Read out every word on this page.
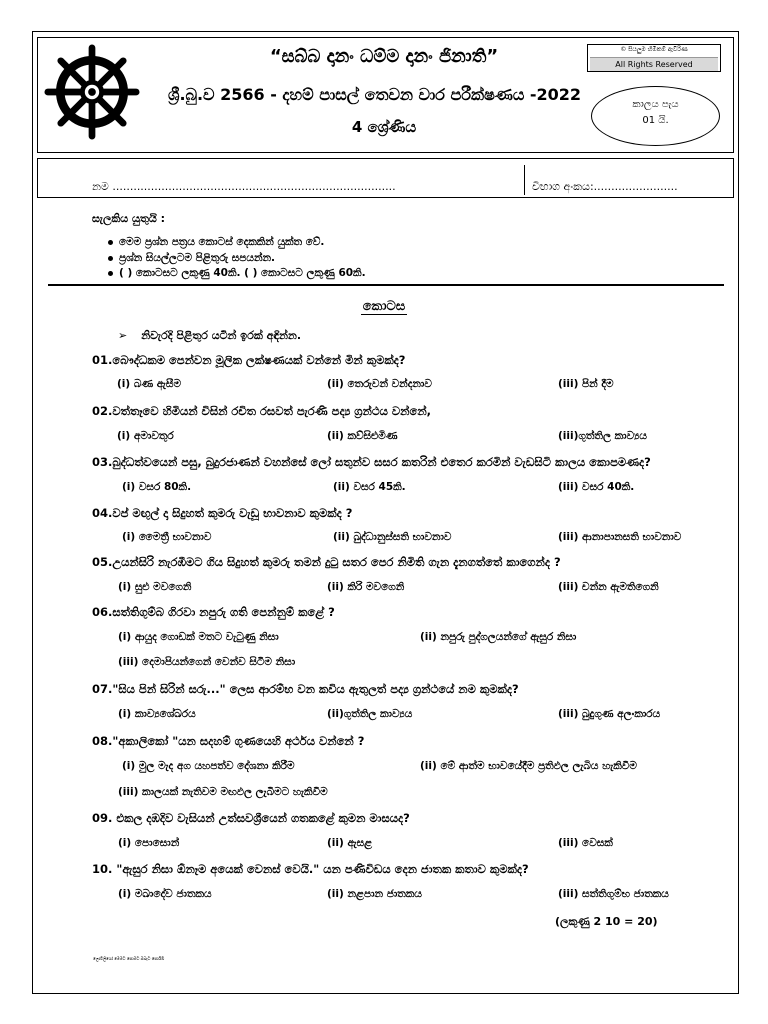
“සබ්බ දානං ධම්ම දානං ජිනාති”
ශ්‍රී.බු.ව 2566 - දහම් පාසල් තෙවන වාර පරීක්ෂණය -2022
4 ශ්‍රේණිය
© සියලුම හිමිකම් ඇවිරිණ
All Rights Reserved
කාලය පැය
01 යි.
නම .................................................................................	විභාග අංකය:........................
සැලකිය යුතුයි :
මෙම ප්‍රශ්න පත්‍රය කොටස් දෙකකින් යුක්ත වේ.
ප්‍රශ්න සියල්ලටම පිළිතුරු සපයන්න.
( ) කොටසට ලකුණු 40කි. ( ) කොටසට ලකුණු 60කි.
කොටස
➢ නිවැරදි පිළිතුර යටින් ඉරක් අඳින්න.
01.බෞද්ධකම පෙන්වන මූලික ලක්ෂණයක් වන්නේ මින් කුමක්ද?
(i) බණ ඇසීම	(ii) තෙරුවන් වන්දනාව	(iii) පින් දීම
02.වත්තෑවෙ හිමියන් විසින් රචිත රසවත් පැරණි පද්‍ය ග්‍රන්ථය වන්නේ,
(i) අමාවතුර	(ii) කව්සිළුමිණ	(iii)ගුත්තිල කාව්‍යය
03.බුද්ධත්වයෙන් පසු, බුදුරජාණන් වහන්සේ ලෝ සතුන්ව සසර කතරින් එතෙර කරමින් වැඩසිටි කාලය කොපමණද?
(i) වසර 80කි.	(ii) වසර 45කි.	(iii) වසර 40කි.
04.වප් මඟුල් දා සිදුහත් කුමරු වැඩූ භාවනාව කුමක්ද ?
(i) මෛත්‍රී භාවනාව	(ii) බුද්ධානුස්සති භාවනාව	(iii) ආනාපානසති භාවනාව
05.උයන්සිරි නැරඹීමට ගිය සිදුහත් කුමරු තමන් දුටු සතර පෙර නිමිති ගැන දැනගත්තේ කාගෙන්ද ?
(i) සුළු මවගෙනි	(ii) කිරි මවගෙනි	(iii) චන්න ඇමතිගෙනි
06.සත්තිගුම්බ ගිරවා නපුරු ගති පෙන්නුම් කළේ ?
(i) ආයුද ගොඩක් මතට වැටුණු නිසා	(ii) නපුරු පුද්ගලයන්ගේ ඇසුර නිසා
(iii) දෙමාපියන්ගෙන් වෙන්ව සිටීම නිසා
07."සිය පින් සිරින් සරු..." ලෙස ආරම්භ වන කවිය ඇතුලත් පද්‍ය ග්‍රන්ථයේ නම කුමක්ද?
(i) කාව්‍යශේඛරය	(ii)ගුත්තිල කාව්‍යය	(iii) බුදුගුණ අලංකාරය
08."අකාලිකෝ "යන සදහම් ගුණයෙහි අර්ථය වන්නේ ?
(i) මුල මැද අග යහපත්ව දේශනා කිරීම	(ii) මේ ආත්ම භාවයේදීම ප්‍රතිඵල ලැබිය හැකිවීම
(iii) කාලයක් නැතිවම මඟඵල ලැබීමට හැකිවීම
09. එකල දඹදිව වැසියන් උත්සවශ්‍රීයෙන් ගතකළේ කුමන මාසයද?
(i) පොසොන්	(ii) ඇසළ	(iii) වෙසක්
10. "ඇසුර නිසා ඕනෑම අයෙක් වෙනස් වෙයි." යන පණිවිඩය දෙන ජාතක කතාව කුමක්ද?
(i) මඛාදේව ජාතකය	(ii) නළපාන ජාතකය	(iii) සත්තිගුම්භ ජාතකය
(ලකුණු 2 10 = 20)
ලොවිලියෝ මෙමට පොමට ඔබැට පොයිබි
